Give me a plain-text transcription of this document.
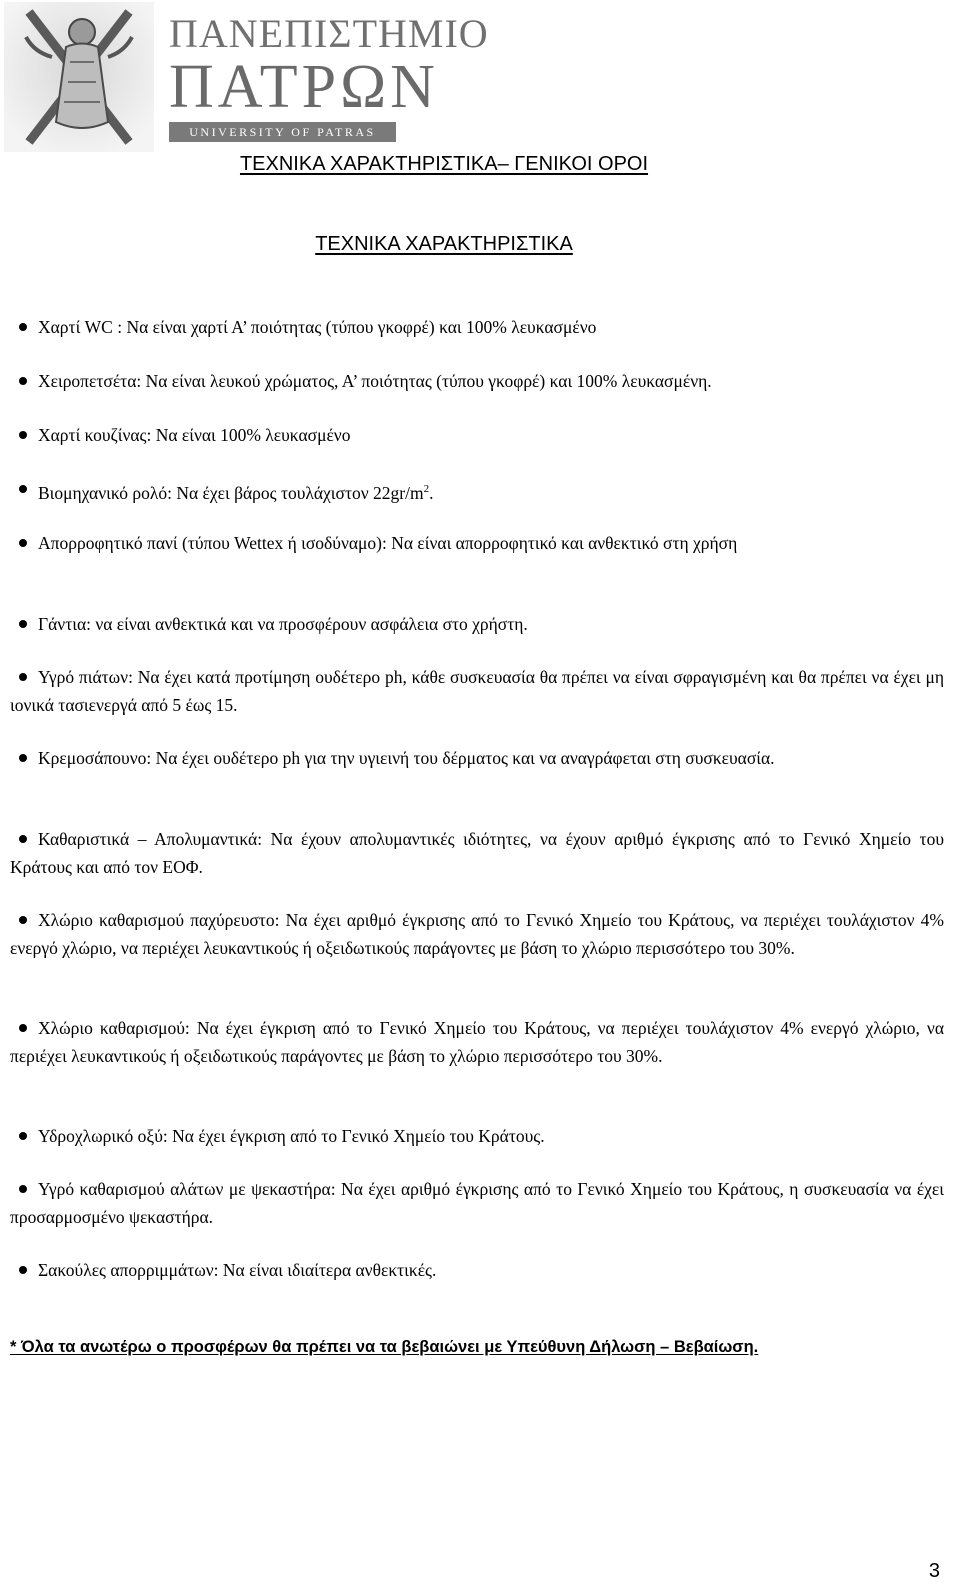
ΠΑΝΕΠΙΣΤΗΜΙΟ
ΠΑΤΡΩΝ
UNIVERSITY OF PATRAS
ΤΕΧΝΙΚΑ ΧΑΡΑΚΤΗΡΙΣΤΙΚΑ– ΓΕΝΙΚΟΙ ΟΡΟΙ
ΤΕΧΝΙΚΑ ΧΑΡΑΚΤΗΡΙΣΤΙΚΑ
Χαρτί WC : Να είναι χαρτί Α’ ποιότητας (τύπου γκοφρέ) και 100% λευκασμένο
Χειροπετσέτα: Να είναι λευκού χρώματος, Α’ ποιότητας (τύπου γκοφρέ) και 100% λευκασμένη.
Χαρτί κουζίνας: Να είναι 100% λευκασμένο
Βιομηχανικό ρολό: Να έχει βάρος τουλάχιστον $22gr/m^2$.
Απορροφητικό πανί (τύπου Wettex ή ισοδύναμο): Να είναι απορροφητικό και ανθεκτικό στη χρήση
Γάντια: να είναι ανθεκτικά και να προσφέρουν ασφάλεια στο χρήστη.
Υγρό πιάτων: Να έχει κατά προτίμηση ουδέτερο ph, κάθε συσκευασία θα πρέπει να είναι σφραγισμένη και θα πρέπει να έχει μη ιονικά τασιενεργά από 5 έως 15.
Κρεμοσάπουνο: Να έχει ουδέτερο ph για την υγιεινή του δέρματος και να αναγράφεται στη συσκευασία.
Καθαριστικά – Απολυμαντικά: Να έχουν απολυμαντικές ιδιότητες, να έχουν αριθμό έγκρισης από το Γενικό Χημείο του Κράτους και από τον ΕΟΦ.
Χλώριο καθαρισμού παχύρευστο: Να έχει αριθμό έγκρισης από το Γενικό Χημείο του Κράτους, να περιέχει τουλάχιστον 4% ενεργό χλώριο, να περιέχει λευκαντικούς ή οξειδωτικούς παράγοντες με βάση το χλώριο περισσότερο του 30%.
Χλώριο καθαρισμού: Να έχει έγκριση από το Γενικό Χημείο του Κράτους, να περιέχει τουλάχιστον 4% ενεργό χλώριο, να περιέχει λευκαντικούς ή οξειδωτικούς παράγοντες με βάση το χλώριο περισσότερο του 30%.
Υδροχλωρικό οξύ: Να έχει έγκριση από το Γενικό Χημείο του Κράτους.
Υγρό καθαρισμού αλάτων με ψεκαστήρα: Να έχει αριθμό έγκρισης από το Γενικό Χημείο του Κράτους, η συσκευασία να έχει προσαρμοσμένο ψεκαστήρα.
Σακούλες απορριμμάτων: Να είναι ιδιαίτερα ανθεκτικές.
* Όλα τα ανωτέρω ο προσφέρων θα πρέπει να τα βεβαιώνει με Υπεύθυνη Δήλωση – Βεβαίωση.
3
